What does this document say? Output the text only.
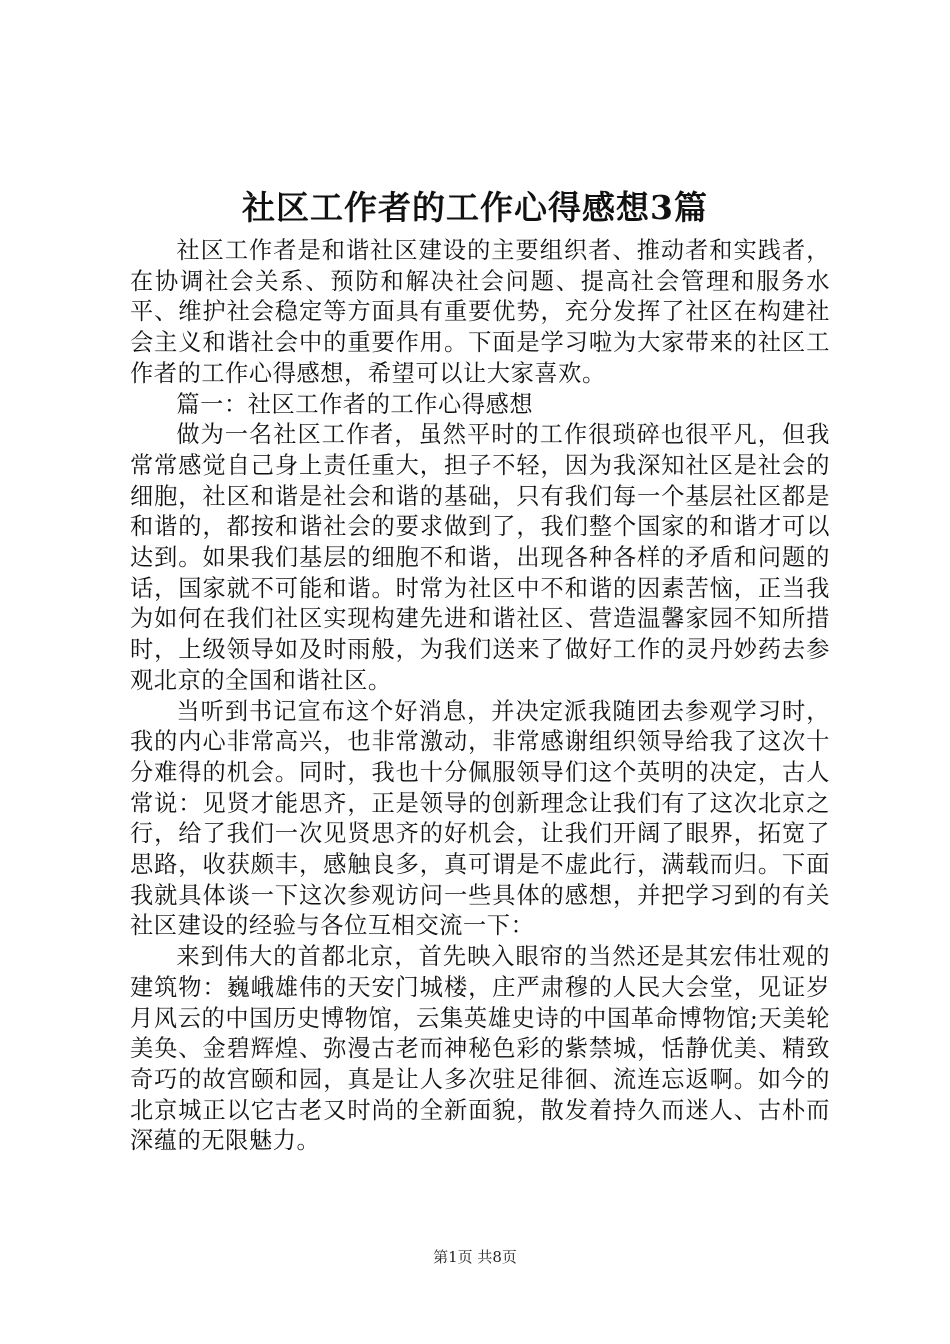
社区工作者的工作心得感想3篇

社区工作者是和谐社区建设的主要组织者、推动者和实践者，在协调社会关系、预防和解决社会问题、提高社会管理和服务水平、维护社会稳定等方面具有重要优势，充分发挥了社区在构建社会主义和谐社会中的重要作用。下面是学习啦为大家带来的社区工作者的工作心得感想，希望可以让大家喜欢。

篇一：社区工作者的工作心得感想

做为一名社区工作者，虽然平时的工作很琐碎也很平凡，但我常常感觉自己身上责任重大，担子不轻，因为我深知社区是社会的细胞，社区和谐是社会和谐的基础，只有我们每一个基层社区都是和谐的，都按和谐社会的要求做到了，我们整个国家的和谐才可以达到。如果我们基层的细胞不和谐，出现各种各样的矛盾和问题的话，国家就不可能和谐。时常为社区中不和谐的因素苦恼，正当我为如何在我们社区实现构建先进和谐社区、营造温馨家园不知所措时，上级领导如及时雨般，为我们送来了做好工作的灵丹妙药去参观北京的全国和谐社区。

当听到书记宣布这个好消息，并决定派我随团去参观学习时，我的内心非常高兴，也非常激动，非常感谢组织领导给我了这次十分难得的机会。同时，我也十分佩服领导们这个英明的决定，古人常说：见贤才能思齐，正是领导的创新理念让我们有了这次北京之行，给了我们一次见贤思齐的好机会，让我们开阔了眼界，拓宽了思路，收获颇丰，感触良多，真可谓是不虚此行，满载而归。下面我就具体谈一下这次参观访问一些具体的感想，并把学习到的有关社区建设的经验与各位互相交流一下：

来到伟大的首都北京，首先映入眼帘的当然还是其宏伟壮观的建筑物：巍峨雄伟的天安门城楼，庄严肃穆的人民大会堂，见证岁月风云的中国历史博物馆，云集英雄史诗的中国革命博物馆;天美轮美奂、金碧辉煌、弥漫古老而神秘色彩的紫禁城，恬静优美、精致奇巧的故宫颐和园，真是让人多次驻足徘徊、流连忘返啊。如今的北京城正以它古老又时尚的全新面貌，散发着持久而迷人、古朴而深蕴的无限魅力。

第1页 共8页
